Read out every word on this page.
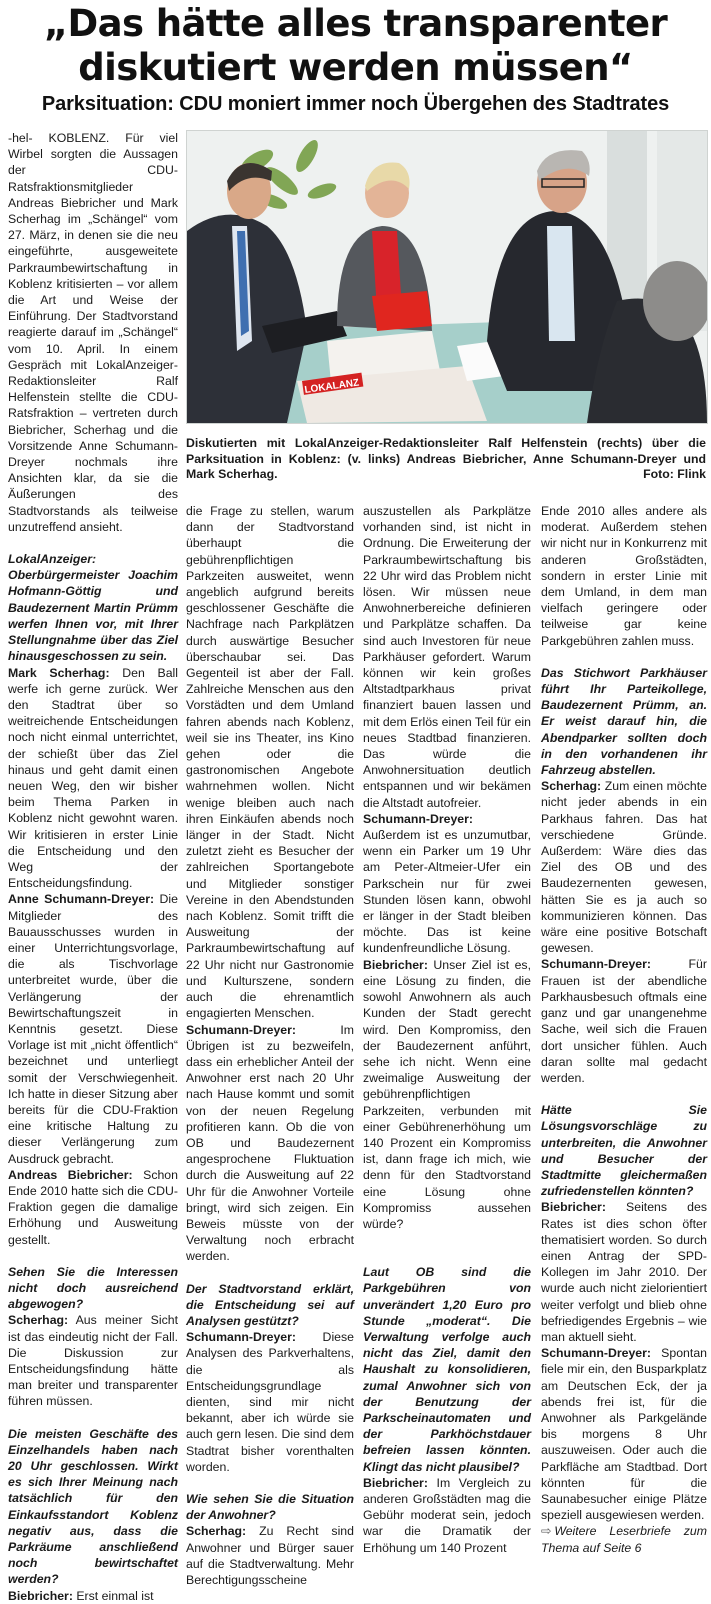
„Das hätte alles transparenter
diskutiert werden müssen“
Parksituation: CDU moniert immer noch Übergehen des Stadtrates

-hel- KOBLENZ. Für viel Wirbel sorgten die Aussagen der CDU-Ratsfraktionsmitglieder Andreas Biebricher und Mark Scherhag im „Schängel“ vom 27. März, in denen sie die neu eingeführte, ausgeweitete Parkraumbewirtschaftung in Koblenz kritisierten – vor allem die Art und Weise der Einführung. Der Stadtvorstand reagierte darauf im „Schängel“ vom 10. April. In einem Gespräch mit LokalAnzeiger-Redaktionsleiter Ralf Helfenstein stellte die CDU-Ratsfraktion – vertreten durch Biebricher, Scherhag und die Vorsitzende Anne Schumann-Dreyer nochmals ihre Ansichten klar, da sie die Äußerungen des Stadtvorstands als teilweise unzutreffend ansieht.

LokalAnzeiger: Oberbürgermeister Joachim Hofmann-Göttig und Baudezernent Martin Prümm werfen Ihnen vor, mit Ihrer Stellungnahme über das Ziel hinausgeschossen zu sein.

Mark Scherhag: Den Ball werfe ich gerne zurück. Wer den Stadtrat über so weitreichende Entscheidungen noch nicht einmal unterrichtet, der schießt über das Ziel hinaus und geht damit einen neuen Weg, den wir bisher beim Thema Parken in Koblenz nicht gewohnt waren. Wir kritisieren in erster Linie die Entscheidung und den Weg der Entscheidungsfindung.

Anne Schumann-Dreyer: Die Mitglieder des Bauausschusses wurden in einer Unterrichtungsvorlage, die als Tischvorlage unterbreitet wurde, über die Verlängerung der Bewirtschaftungszeit in Kenntnis gesetzt. Diese Vorlage ist mit „nicht öffentlich“ bezeichnet und unterliegt somit der Verschwiegenheit. Ich hatte in dieser Sitzung aber bereits für die CDU-Fraktion eine kritische Haltung zu dieser Verlängerung zum Ausdruck gebracht.

Andreas Biebricher: Schon Ende 2010 hatte sich die CDU-Fraktion gegen die damalige Erhöhung und Ausweitung gestellt.

Sehen Sie die Interessen nicht doch ausreichend abgewogen?

Scherhag: Aus meiner Sicht ist das eindeutig nicht der Fall. Die Diskussion zur Entscheidungsfindung hätte man breiter und transparenter führen müssen.

Die meisten Geschäfte des Einzelhandels haben nach 20 Uhr geschlossen. Wirkt es sich Ihrer Meinung nach tatsächlich für den Einkaufsstandort Koblenz negativ aus, dass die Parkräume anschließend noch bewirtschaftet werden?

Biebricher: Erst einmal ist

LOKALANZ
Diskutierten mit LokalAnzeiger-Redaktionsleiter Ralf Helfenstein (rechts) über die Parksituation in Koblenz: (v. links) Andreas Biebricher, Anne Schumann-Dreyer und Mark Scherhag.	Foto: Flink

die Frage zu stellen, warum dann der Stadtvorstand überhaupt die gebührenpflichtigen Parkzeiten ausweitet, wenn angeblich aufgrund bereits geschlossener Geschäfte die Nachfrage nach Parkplätzen durch auswärtige Besucher überschaubar sei. Das Gegenteil ist aber der Fall. Zahlreiche Menschen aus den Vorstädten und dem Umland fahren abends nach Koblenz, weil sie ins Theater, ins Kino gehen oder die gastronomischen Angebote wahrnehmen wollen. Nicht wenige bleiben auch nach ihren Einkäufen abends noch länger in der Stadt. Nicht zuletzt zieht es Besucher der zahlreichen Sportangebote und Mitglieder sonstiger Vereine in den Abendstunden nach Koblenz. Somit trifft die Ausweitung der Parkraumbewirtschaftung auf 22 Uhr nicht nur Gastronomie und Kulturszene, sondern auch die ehrenamtlich engagierten Menschen.

Schumann-Dreyer: Im Übrigen ist zu bezweifeln, dass ein erheblicher Anteil der Anwohner erst nach 20 Uhr nach Hause kommt und somit von der neuen Regelung profitieren kann. Ob die von OB und Baudezernent angesprochene Fluktuation durch die Ausweitung auf 22 Uhr für die Anwohner Vorteile bringt, wird sich zeigen. Ein Beweis müsste von der Verwaltung noch erbracht werden.

Der Stadtvorstand erklärt, die Entscheidung sei auf Analysen gestützt?

Schumann-Dreyer: Diese Analysen des Parkverhaltens, die als Entscheidungsgrundlage dienten, sind mir nicht bekannt, aber ich würde sie auch gern lesen. Die sind dem Stadtrat bisher vorenthalten worden.

Wie sehen Sie die Situation der Anwohner?

Scherhag: Zu Recht sind Anwohner und Bürger sauer auf die Stadtverwaltung. Mehr Berechtigungsscheine

auszustellen als Parkplätze vorhanden sind, ist nicht in Ordnung. Die Erweiterung der Parkraumbewirtschaftung bis 22 Uhr wird das Problem nicht lösen. Wir müssen neue Anwohnerbereiche definieren und Parkplätze schaffen. Da sind auch Investoren für neue Parkhäuser gefordert. Warum können wir kein großes Altstadtparkhaus privat finanziert bauen lassen und mit dem Erlös einen Teil für ein neues Stadtbad finanzieren. Das würde die Anwohnersituation deutlich entspannen und wir bekämen die Altstadt autofreier.

Schumann-Dreyer: Außerdem ist es unzumutbar, wenn ein Parker um 19 Uhr am Peter-Altmeier-Ufer ein Parkschein nur für zwei Stunden lösen kann, obwohl er länger in der Stadt bleiben möchte. Das ist keine kundenfreundliche Lösung.

Biebricher: Unser Ziel ist es, eine Lösung zu finden, die sowohl Anwohnern als auch Kunden der Stadt gerecht wird. Den Kompromiss, den der Baudezernent anführt, sehe ich nicht. Wenn eine zweimalige Ausweitung der gebührenpflichtigen Parkzeiten, verbunden mit einer Gebührenerhöhung um 140 Prozent ein Kompromiss ist, dann frage ich mich, wie denn für den Stadtvorstand eine Lösung ohne Kompromiss aussehen würde?

Laut OB sind die Parkgebühren von unverändert 1,20 Euro pro Stunde „moderat“. Die Verwaltung verfolge auch nicht das Ziel, damit den Haushalt zu konsolidieren, zumal Anwohner sich von der Benutzung der Parkscheinautomaten und der Parkhöchstdauer befreien lassen könnten. Klingt das nicht plausibel?

Biebricher: Im Vergleich zu anderen Großstädten mag die Gebühr moderat sein, jedoch war die Dramatik der Erhöhung um 140 Prozent

Ende 2010 alles andere als moderat. Außerdem stehen wir nicht nur in Konkurrenz mit anderen Großstädten, sondern in erster Linie mit dem Umland, in dem man vielfach geringere oder teilweise gar keine Parkgebühren zahlen muss.

Das Stichwort Parkhäuser führt Ihr Parteikollege, Baudezernent Prümm, an. Er weist darauf hin, die Abendparker sollten doch in den vorhandenen ihr Fahrzeug abstellen.

Scherhag: Zum einen möchte nicht jeder abends in ein Parkhaus fahren. Das hat verschiedene Gründe. Außerdem: Wäre dies das Ziel des OB und des Baudezernenten gewesen, hätten Sie es ja auch so kommunizieren können. Das wäre eine positive Botschaft gewesen.

Schumann-Dreyer: Für Frauen ist der abendliche Parkhausbesuch oftmals eine ganz und gar unangenehme Sache, weil sich die Frauen dort unsicher fühlen. Auch daran sollte mal gedacht werden.

Hätte Sie Lösungsvorschläge zu unterbreiten, die Anwohner und Besucher der Stadtmitte gleichermaßen zufriedenstellen könnten?

Biebricher: Seitens des Rates ist dies schon öfter thematisiert worden. So durch einen Antrag der SPD-Kollegen im Jahr 2010. Der wurde auch nicht zielorientiert weiter verfolgt und blieb ohne befriedigendes Ergebnis – wie man aktuell sieht.

Schumann-Dreyer: Spontan fiele mir ein, den Busparkplatz am Deutschen Eck, der ja abends frei ist, für die Anwohner als Parkgelände bis morgens 8 Uhr auszuweisen. Oder auch die Parkfläche am Stadtbad. Dort könnten für die Saunabesucher einige Plätze speziell ausgewiesen werden.

⇨ Weitere Leserbriefe zum Thema auf Seite 6
